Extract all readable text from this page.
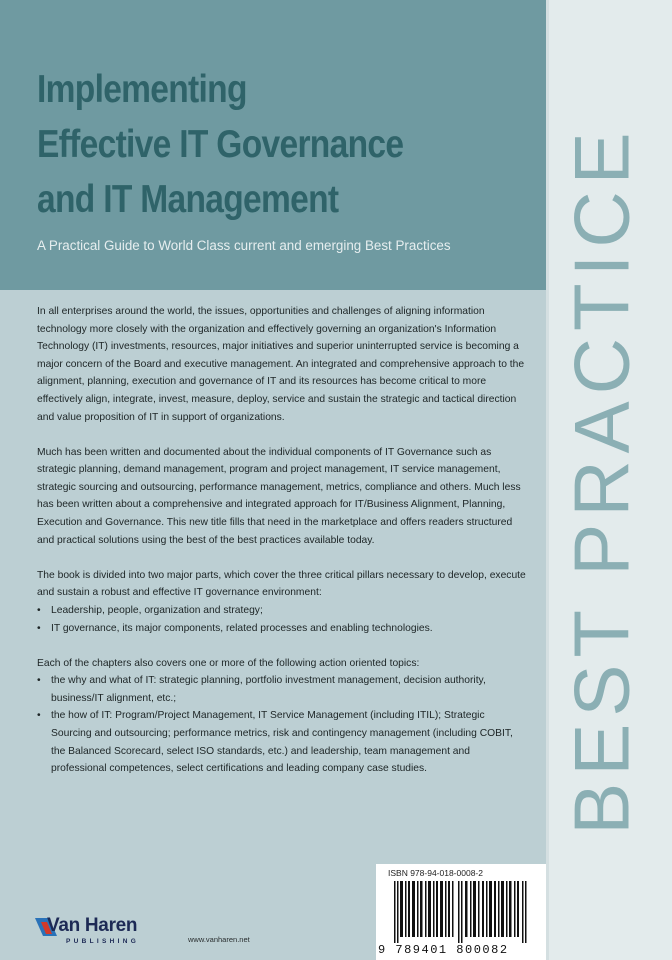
Implementing
Effective IT Governance
and IT Management
A Practical Guide to World Class current and emerging Best Practices

In all enterprises around the world, the issues, opportunities and challenges of aligning information technology more closely with the organization and effectively governing an organization's Information Technology (IT) investments, resources, major initiatives and superior uninterrupted service is becoming a major concern of the Board and executive management. An integrated and comprehensive approach to the alignment, planning, execution and governance of IT and its resources has become critical to more effectively align, integrate, invest, measure, deploy, service and sustain the strategic and tactical direction and value proposition of IT in support of organizations.

Much has been written and documented about the individual components of IT Governance such as strategic planning, demand management, program and project management, IT service management, strategic sourcing and outsourcing, performance management, metrics, compliance and others. Much less has been written about a comprehensive and integrated approach for IT/Business Alignment, Planning, Execution and Governance. This new title fills that need in the marketplace and offers readers structured and practical solutions using the best of the best practices available today.

The book is divided into two major parts, which cover the three critical pillars necessary to develop, execute and sustain a robust and effective IT governance environment:
• Leadership, people, organization and strategy;
• IT governance, its major components, related processes and enabling technologies.
Each of the chapters also covers one or more of the following action oriented topics:
• the why and what of IT: strategic planning, portfolio investment management, decision authority, business/IT alignment, etc.;
• the how of IT: Program/Project Management, IT Service Management (including ITIL); Strategic Sourcing and outsourcing; performance metrics, risk and contingency management (including COBIT, the Balanced Scorecard, select ISO standards, etc.) and leadership, team management and professional competences, select certifications and leading company case studies.	BEST PRACTICE
ISBN 978-94-018-0008-2
9 789401 800082
Van Haren
PUBLISHING	www.vanharen.net
